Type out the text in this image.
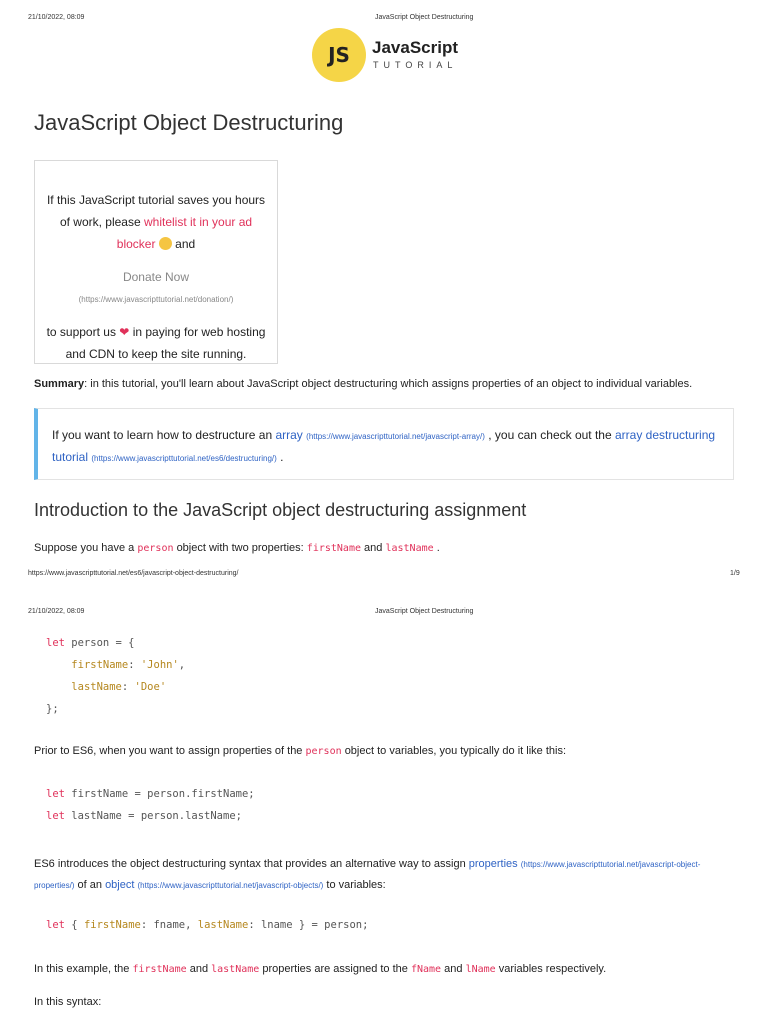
21/10/2022, 08:09	JavaScript Object Destructuring
JS JavaScript
TUTORIAL
JavaScript Object Destructuring
If this JavaScript tutorial saves you hours of work, please whitelist it in your ad blocker and
Donate Now
(https://www.javascripttutorial.net/donation/)
to support us ❤ in paying for web hosting and CDN to keep the site running.
Summary: in this tutorial, you'll learn about JavaScript object destructuring which assigns properties of an object to individual variables.
If you want to learn how to destructure an array (https://www.javascripttutorial.net/javascript-array/) , you can check out the array destructuring tutorial (https://www.javascripttutorial.net/es6/destructuring/) .
Introduction to the JavaScript object destructuring assignment
Suppose you have a person object with two properties: firstName and lastName .
https://www.javascripttutorial.net/es6/javascript-object-destructuring/	1/9
21/10/2022, 08:09	JavaScript Object Destructuring
let person = {
firstName: 'John',
lastName: 'Doe'
};
Prior to ES6, when you want to assign properties of the person object to variables, you typically do it like this:
let firstName = person.firstName;
let lastName = person.lastName;
ES6 introduces the object destructuring syntax that provides an alternative way to assign properties (https://www.javascripttutorial.net/javascript-object-properties/) of an object (https://www.javascripttutorial.net/javascript-objects/) to variables:
let { firstName: fname, lastName: lname } = person;
In this example, the firstName and lastName properties are assigned to the fName and lName variables respectively.
In this syntax:
